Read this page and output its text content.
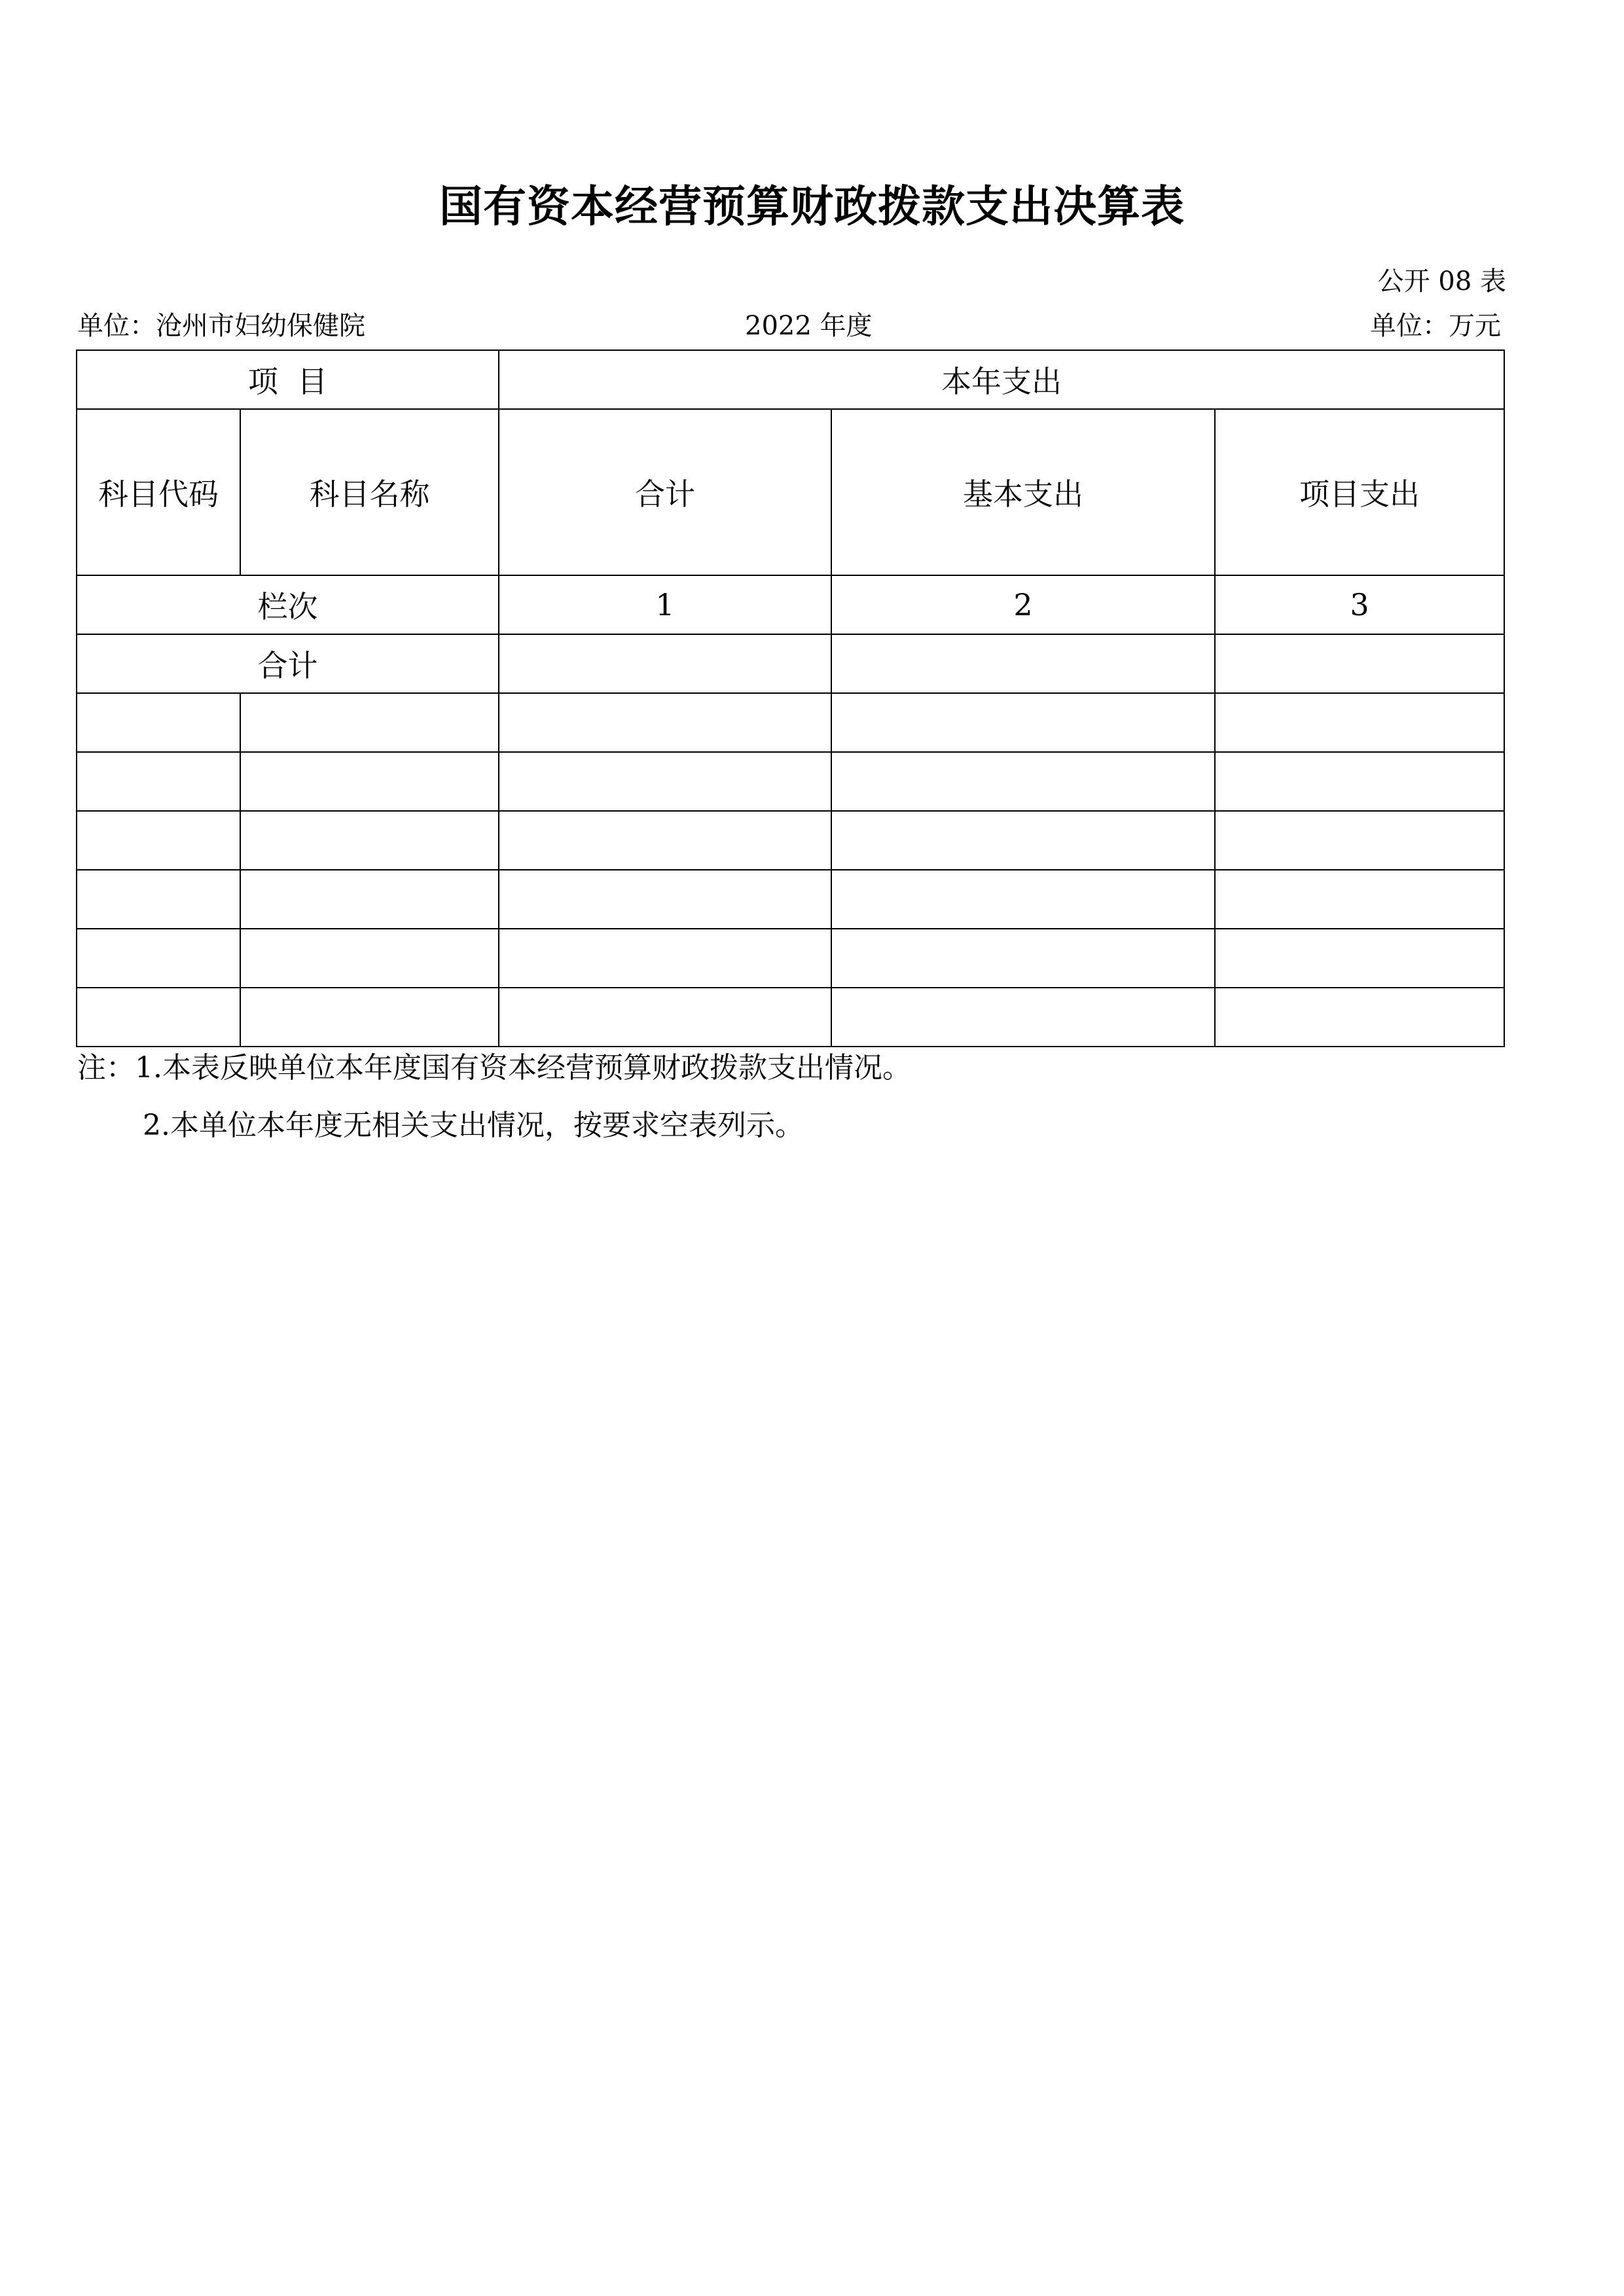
国有资本经营预算财政拨款支出决算表
公开 08 表
单位：沧州市妇幼保健院	2022 年度	单位：万元
项  目		本年支出		
科目代码	科目名称	合计	基本支出	项目支出
栏次		1	2	3
合计				

注：1.本表反映单位本年度国有资本经营预算财政拨款支出情况。
2.本单位本年度无相关支出情况，按要求空表列示。
